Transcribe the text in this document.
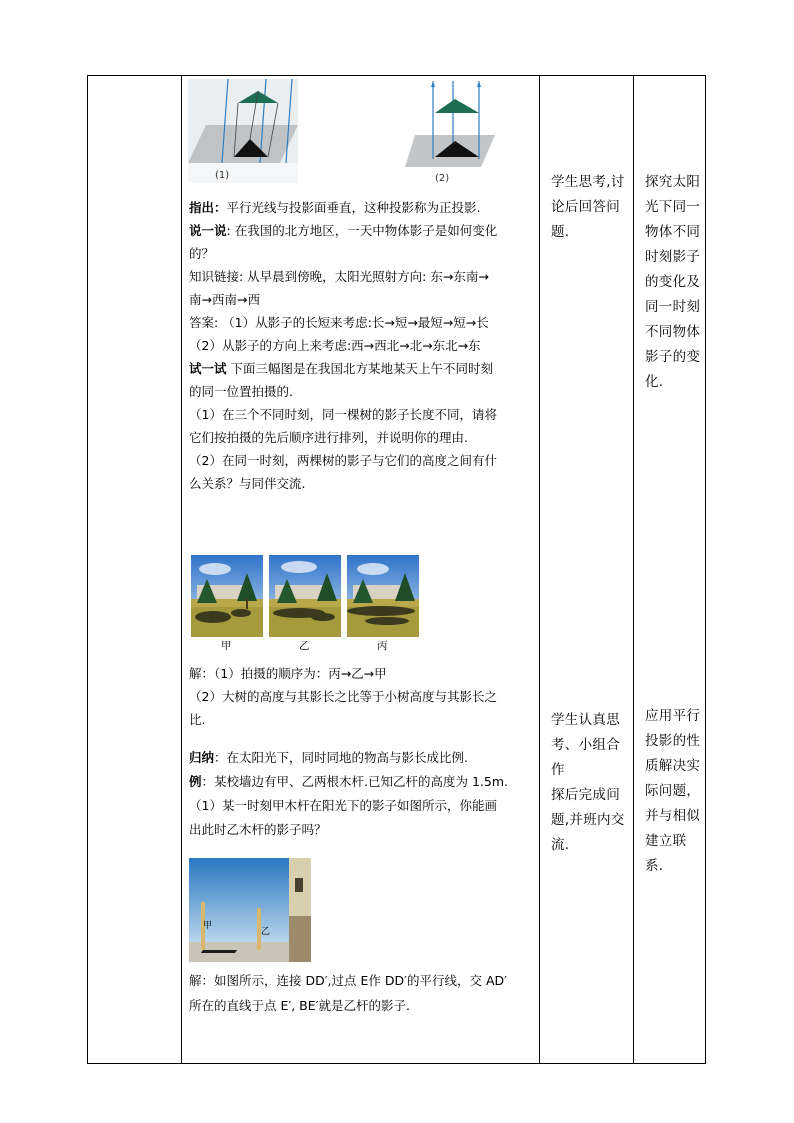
(1)	(2)
指出：平行光线与投影面垂直，这种投影称为正投影.
说一说: 在我国的北方地区，一天中物体影子是如何变化
的？
知识链接: 从早晨到傍晚，太阳光照射方向: 东→东南→
南→西南→西
答案: （1）从影子的长短来考虑:长→短→最短→短→长
（2）从影子的方向上来考虑:西→西北→北→东北→东
试一试 下面三幅图是在我国北方某地某天上午不同时刻
的同一位置拍摄的.
（1）在三个不同时刻，同一棵树的影子长度不同，请将
它们按拍摄的先后顺序进行排列，并说明你的理由.
（2）在同一时刻，两棵树的影子与它们的高度之间有什
么关系？与同伴交流.
甲	乙	丙
解：（1）拍摄的顺序为：丙→乙→甲
（2）大树的高度与其影长之比等于小树高度与其影长之
比.
归纳：在太阳光下，同时同地的物高与影长成比例.
例：某校墙边有甲、乙两根木杆.已知乙杆的高度为 1.5m.
（1）某一时刻甲木杆在阳光下的影子如图所示，你能画
出此时乙木杆的影子吗？
甲
乙
解：如图所示，连接 DD′,过点 E作 DD′的平行线，交 AD′
所在的直线于点 E′, BE′就是乙杆的影子.
学生思考,讨
论后回答问
题.
学生认真思
考、小组合作
探后完成问
题,并班内交
流.
探究太阳
光下同一
物体不同
时刻影子
的变化及
同一时刻
不同物体
影子的变
化.
应用平行
投影的性
质解决实
际问题，
并与相似
建立联系.
